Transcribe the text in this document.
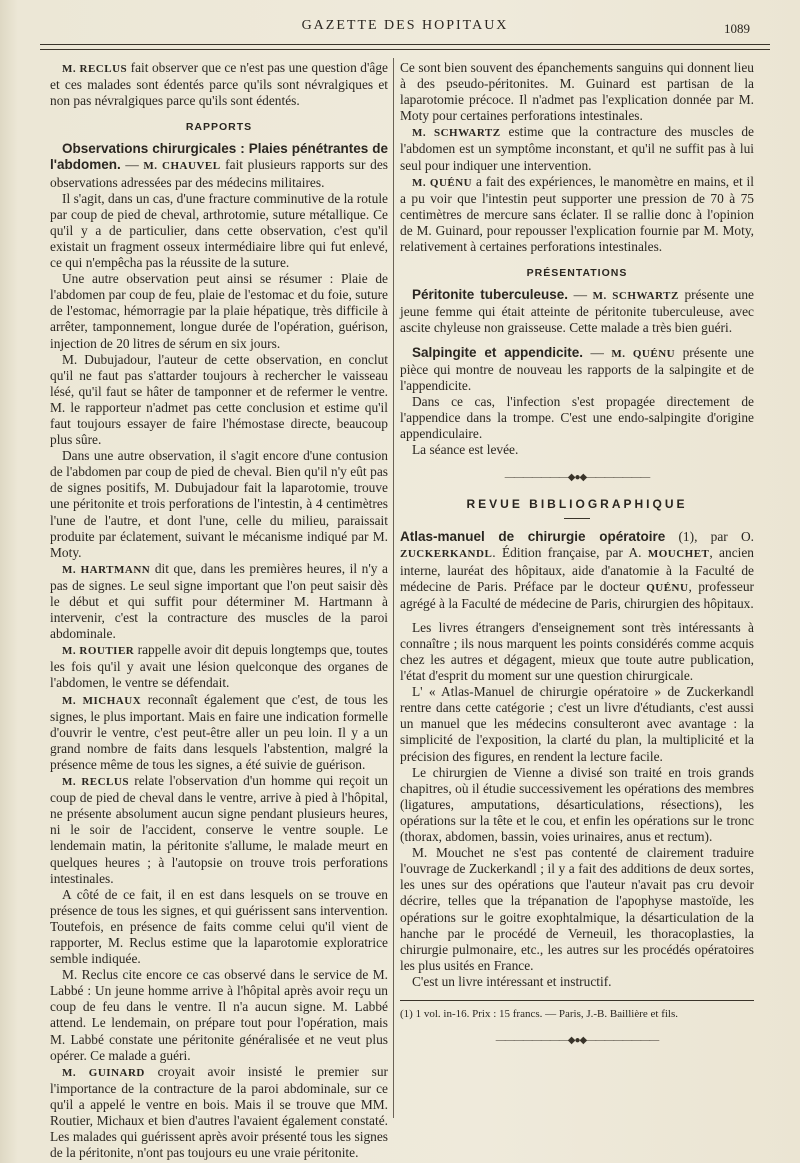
GAZETTE DES HOPITAUX	1089

M. RECLUS fait observer que ce n'est pas une question d'âge et ces malades sont édentés parce qu'ils sont névralgiques et non pas névralgiques parce qu'ils sont édentés.

RAPPORTS

Observations chirurgicales : Plaies pénétrantes de l'abdomen. — M. CHAUVEL fait plusieurs rapports sur des observations adressées par des médecins militaires.

Il s'agit, dans un cas, d'une fracture comminutive de la rotule par coup de pied de cheval, arthrotomie, suture métallique. Ce qu'il y a de particulier, dans cette observation, c'est qu'il existait un fragment osseux intermédiaire libre qui fut enlevé, ce qui n'empêcha pas la réussite de la suture.

Une autre observation peut ainsi se résumer : Plaie de l'abdomen par coup de feu, plaie de l'estomac et du foie, suture de l'estomac, hémorragie par la plaie hépatique, très difficile à arrêter, tamponnement, longue durée de l'opération, guérison, injection de 20 litres de sérum en six jours.

M. Dubujadour, l'auteur de cette observation, en conclut qu'il ne faut pas s'attarder toujours à rechercher le vaisseau lésé, qu'il faut se hâter de tamponner et de refermer le ventre. M. le rapporteur n'admet pas cette conclusion et estime qu'il faut toujours essayer de faire l'hémostase directe, beaucoup plus sûre.

Dans une autre observation, il s'agit encore d'une contusion de l'abdomen par coup de pied de cheval. Bien qu'il n'y eût pas de signes positifs, M. Dubujadour fait la laparotomie, trouve une péritonite et trois perforations de l'intestin, à 4 centimètres l'une de l'autre, et dont l'une, celle du milieu, paraissait produite par éclatement, suivant le mécanisme indiqué par M. Moty.

M. HARTMANN dit que, dans les premières heures, il n'y a pas de signes. Le seul signe important que l'on peut saisir dès le début et qui suffit pour déterminer M. Hartmann à intervenir, c'est la contracture des muscles de la paroi abdominale.

M. ROUTIER rappelle avoir dit depuis longtemps que, toutes les fois qu'il y avait une lésion quelconque des organes de l'abdomen, le ventre se défendait.

M. MICHAUX reconnaît également que c'est, de tous les signes, le plus important. Mais en faire une indication formelle d'ouvrir le ventre, c'est peut-être aller un peu loin. Il y a un grand nombre de faits dans lesquels l'abstention, malgré la présence même de tous les signes, a été suivie de guérison.

M. RECLUS relate l'observation d'un homme qui reçoit un coup de pied de cheval dans le ventre, arrive à pied à l'hôpital, ne présente absolument aucun signe pendant plusieurs heures, ni le soir de l'accident, conserve le ventre souple. Le lendemain matin, la péritonite s'allume, le malade meurt en quelques heures ; à l'autopsie on trouve trois perforations intestinales.

A côté de ce fait, il en est dans lesquels on se trouve en présence de tous les signes, et qui guérissent sans intervention. Toutefois, en présence de faits comme celui qu'il vient de rapporter, M. Reclus estime que la laparotomie exploratrice semble indiquée.

M. Reclus cite encore ce cas observé dans le service de M. Labbé : Un jeune homme arrive à l'hôpital après avoir reçu un coup de feu dans le ventre. Il n'a aucun signe. M. Labbé attend. Le lendemain, on prépare tout pour l'opération, mais M. Labbé constate une péritonite généralisée et ne veut plus opérer. Ce malade a guéri.

M. GUINARD croyait avoir insisté le premier sur l'importance de la contracture de la paroi abdominale, sur ce qu'il a appelé le ventre en bois. Mais il se trouve que MM. Routier, Michaux et bien d'autres l'avaient également constaté. Les malades qui guérissent après avoir présenté tous les signes de la péritonite, n'ont pas toujours eu une vraie péritonite.

Ce sont bien souvent des épanchements sanguins qui donnent lieu à des pseudo-péritonites. M. Guinard est partisan de la laparotomie précoce. Il n'admet pas l'explication donnée par M. Moty pour certaines perforations intestinales.

M. SCHWARTZ estime que la contracture des muscles de l'abdomen est un symptôme inconstant, et qu'il ne suffit pas à lui seul pour indiquer une intervention.

M. QUÉNU a fait des expériences, le manomètre en mains, et il a pu voir que l'intestin peut supporter une pression de 70 à 75 centimètres de mercure sans éclater. Il se rallie donc à l'opinion de M. Guinard, pour repousser l'explication fournie par M. Moty, relativement à certaines perforations intestinales.

PRÉSENTATIONS

Péritonite tuberculeuse. — M. SCHWARTZ présente une jeune femme qui était atteinte de péritonite tuberculeuse, avec ascite chyleuse non graisseuse. Cette malade a très bien guéri.

Salpingite et appendicite. — M. QUÉNU présente une pièce qui montre de nouveau les rapports de la salpingite et de l'appendicite.

Dans ce cas, l'infection s'est propagée directement de l'appendice dans la trompe. C'est une endo-salpingite d'origine appendiculaire.

La séance est levée.

———————◆●◆———————
REVUE BIBLIOGRAPHIQUE

Atlas-manuel de chirurgie opératoire (1), par O. ZUCKERKANDL. Édition française, par A. MOUCHET, ancien interne, lauréat des hôpitaux, aide d'anatomie à la Faculté de médecine de Paris. Préface par le docteur QUÉNU, professeur agrégé à la Faculté de médecine de Paris, chirurgien des hôpitaux.

Les livres étrangers d'enseignement sont très intéressants à connaître ; ils nous marquent les points considérés comme acquis chez les autres et dégagent, mieux que toute autre publication, l'état d'esprit du moment sur une question chirurgicale.

L' « Atlas-Manuel de chirurgie opératoire » de Zuckerkandl rentre dans cette catégorie ; c'est un livre d'étudiants, c'est aussi un manuel que les médecins consulteront avec avantage : la simplicité de l'exposition, la clarté du plan, la multiplicité et la précision des figures, en rendent la lecture facile.

Le chirurgien de Vienne a divisé son traité en trois grands chapitres, où il étudie successivement les opérations des membres (ligatures, amputations, désarticulations, résections), les opérations sur la tête et le cou, et enfin les opérations sur le tronc (thorax, abdomen, bassin, voies urinaires, anus et rectum).

M. Mouchet ne s'est pas contenté de clairement traduire l'ouvrage de Zuckerkandl ; il y a fait des additions de deux sortes, les unes sur des opérations que l'auteur n'avait pas cru devoir décrire, telles que la trépanation de l'apophyse mastoïde, les opérations sur le goitre exophtalmique, la désarticulation de la hanche par le procédé de Verneuil, les thoracoplasties, la chirurgie pulmonaire, etc., les autres sur les procédés opératoires les plus usités en France.

C'est un livre intéressant et instructif.

(1) 1 vol. in-16. Prix : 15 francs. — Paris, J.-B. Baillière et fils.

————————◆●◆————————
